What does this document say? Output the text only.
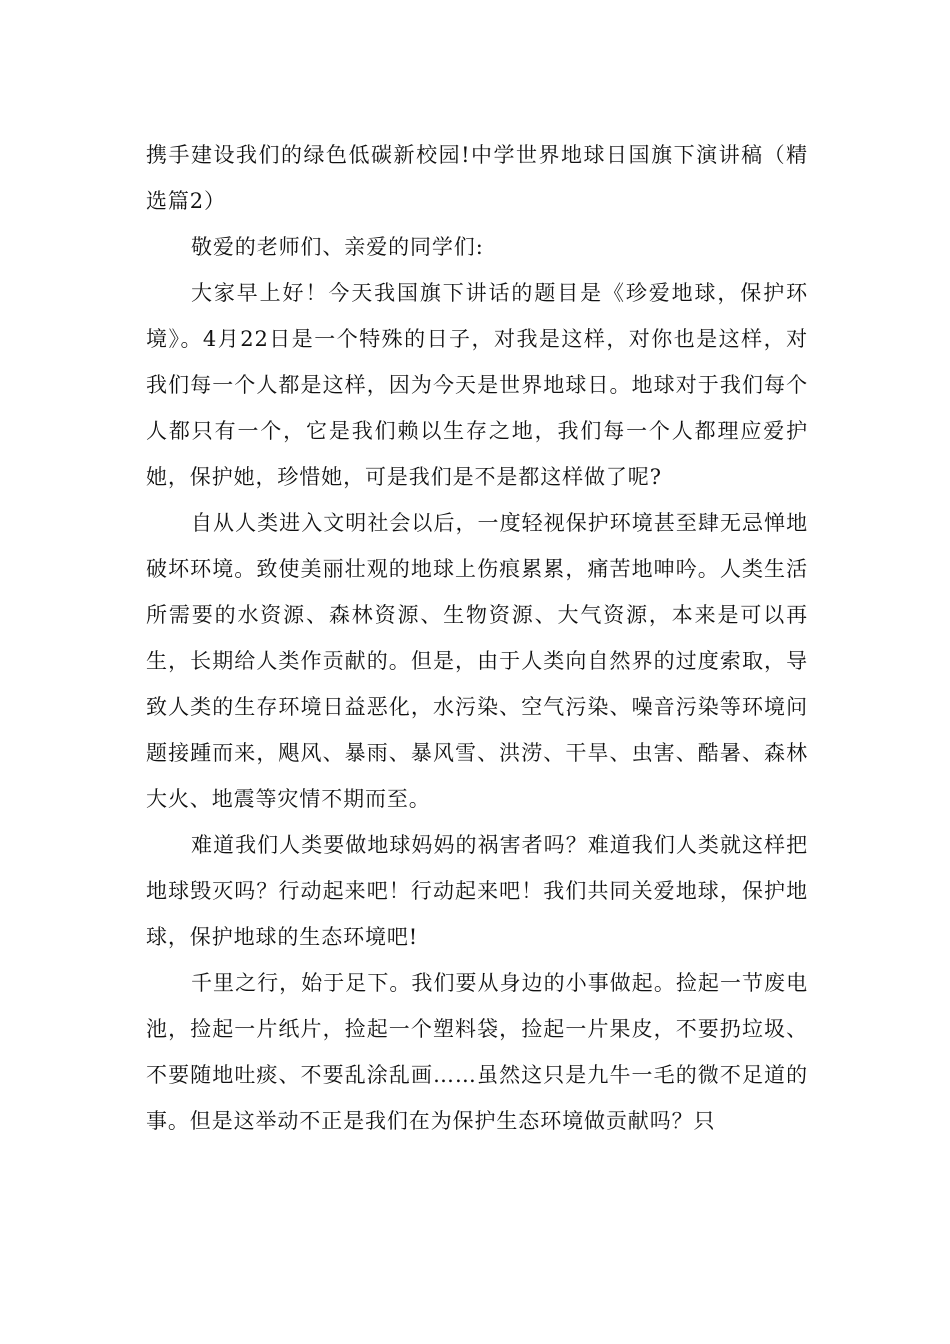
携手建设我们的绿色低碳新校园!中学世界地球日国旗下演讲稿（精选篇2）

敬爱的老师们、亲爱的同学们:

大家早上好！今天我国旗下讲话的题目是《珍爱地球，保护环境》。4月22日是一个特殊的日子，对我是这样，对你也是这样，对我们每一个人都是这样，因为今天是世界地球日。地球对于我们每个人都只有一个，它是我们赖以生存之地，我们每一个人都理应爱护她，保护她，珍惜她，可是我们是不是都这样做了呢?

自从人类进入文明社会以后，一度轻视保护环境甚至肆无忌惮地破坏环境。致使美丽壮观的地球上伤痕累累，痛苦地呻吟。人类生活所需要的水资源、森林资源、生物资源、大气资源，本来是可以再生，长期给人类作贡献的。但是，由于人类向自然界的过度索取，导致人类的生存环境日益恶化，水污染、空气污染、噪音污染等环境问题接踵而来，飓风、暴雨、暴风雪、洪涝、干旱、虫害、酷暑、森林大火、地震等灾情不期而至。

难道我们人类要做地球妈妈的祸害者吗？难道我们人类就这样把地球毁灭吗？行动起来吧！行动起来吧！我们共同关爱地球，保护地球，保护地球的生态环境吧!

千里之行，始于足下。我们要从身边的小事做起。捡起一节废电池，捡起一片纸片，捡起一个塑料袋，捡起一片果皮，不要扔垃圾、不要随地吐痰、不要乱涂乱画……虽然这只是九牛一毛的微不足道的事。但是这举动不正是我们在为保护生态环境做贡献吗？只
